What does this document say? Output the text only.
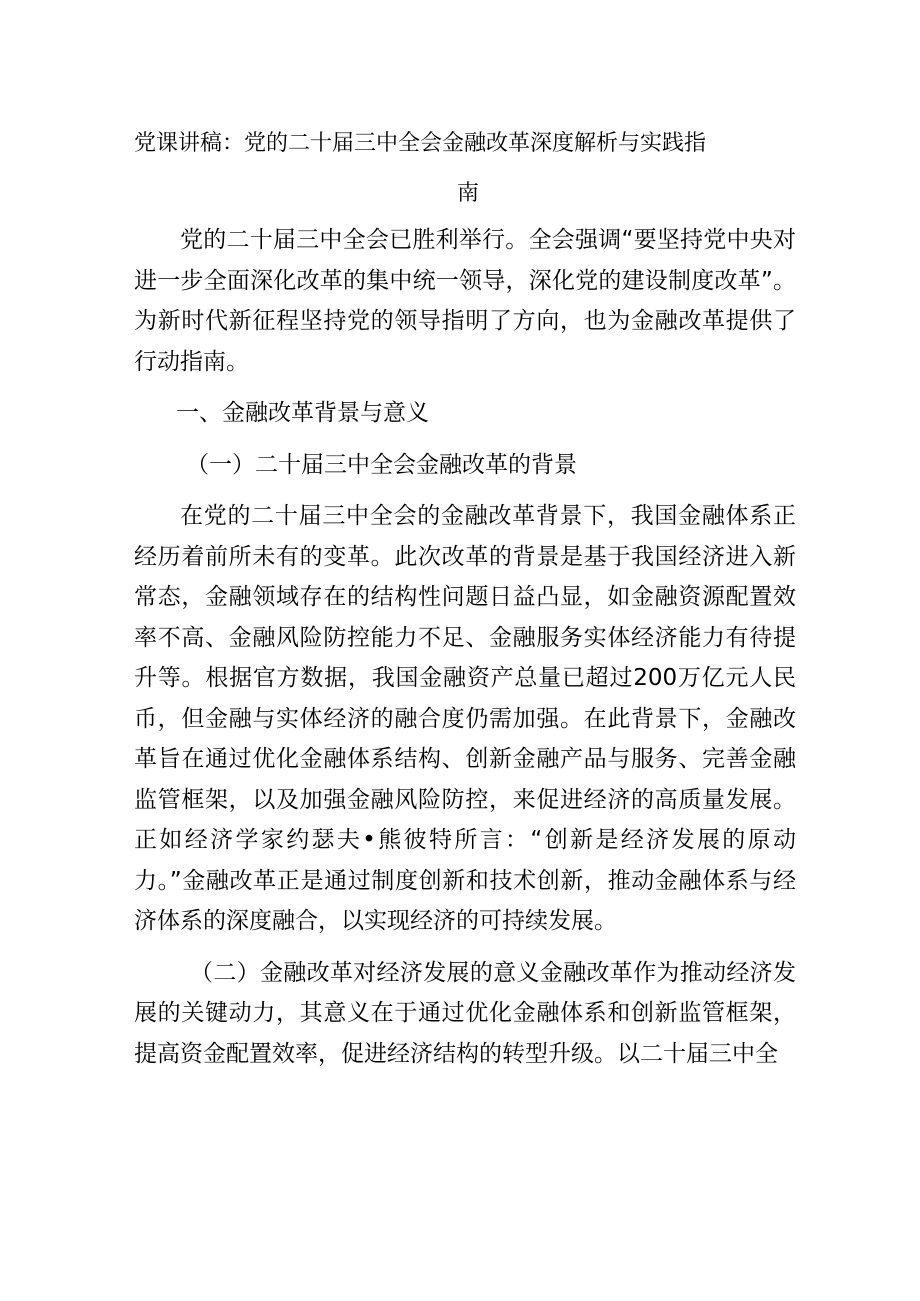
党课讲稿：党的二十届三中全会金融改革深度解析与实践指
南

党的二十届三中全会已胜利举行。全会强调“要坚持党中央对进一步全面深化改革的集中统一领导，深化党的建设制度改革”。为新时代新征程坚持党的领导指明了方向，也为金融改革提供了行动指南。

一、金融改革背景与意义

（一）二十届三中全会金融改革的背景

在党的二十届三中全会的金融改革背景下，我国金融体系正经历着前所未有的变革。此次改革的背景是基于我国经济进入新常态，金融领域存在的结构性问题日益凸显，如金融资源配置效率不高、金融风险防控能力不足、金融服务实体经济能力有待提升等。根据官方数据，我国金融资产总量已超过200万亿元人民币，但金融与实体经济的融合度仍需加强。在此背景下，金融改革旨在通过优化金融体系结构、创新金融产品与服务、完善金融监管框架，以及加强金融风险防控，来促进经济的高质量发展。正如经济学家约瑟夫•熊彼特所言：“创新是经济发展的原动力。”金融改革正是通过制度创新和技术创新，推动金融体系与经济体系的深度融合，以实现经济的可持续发展。

（二）金融改革对经济发展的意义金融改革作为推动经济发展的关键动力，其意义在于通过优化金融体系和创新监管框架，提高资金配置效率，促进经济结构的转型升级。以二十届三中全
